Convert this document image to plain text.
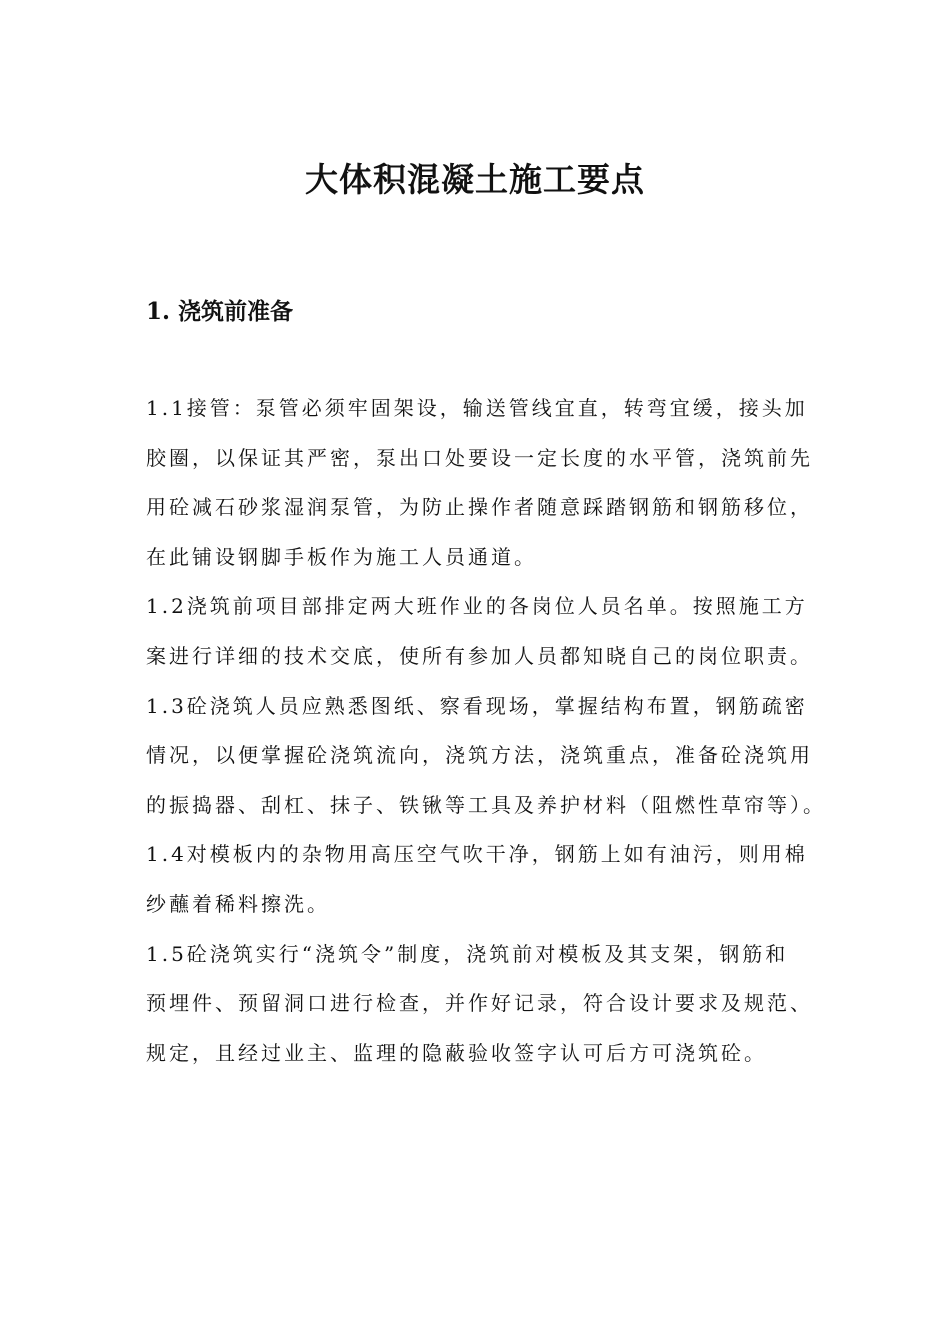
大体积混凝土施工要点
1. 浇筑前准备
1.1接管：泵管必须牢固架设，输送管线宜直，转弯宜缓，接头加
胶圈，以保证其严密，泵出口处要设一定长度的水平管，浇筑前先
用砼减石砂浆湿润泵管，为防止操作者随意踩踏钢筋和钢筋移位，
在此铺设钢脚手板作为施工人员通道。
1.2浇筑前项目部排定两大班作业的各岗位人员名单。按照施工方
案进行详细的技术交底，使所有参加人员都知晓自己的岗位职责。
1.3砼浇筑人员应熟悉图纸、察看现场，掌握结构布置，钢筋疏密
情况，以便掌握砼浇筑流向，浇筑方法，浇筑重点，准备砼浇筑用
的振捣器、刮杠、抹子、铁锹等工具及养护材料（阻燃性草帘等）。
1.4对模板内的杂物用高压空气吹干净，钢筋上如有油污，则用棉
纱蘸着稀料擦洗。
1.5砼浇筑实行“浇筑令”制度，浇筑前对模板及其支架，钢筋和
预埋件、预留洞口进行检查，并作好记录，符合设计要求及规范、
规定，且经过业主、监理的隐蔽验收签字认可后方可浇筑砼。
